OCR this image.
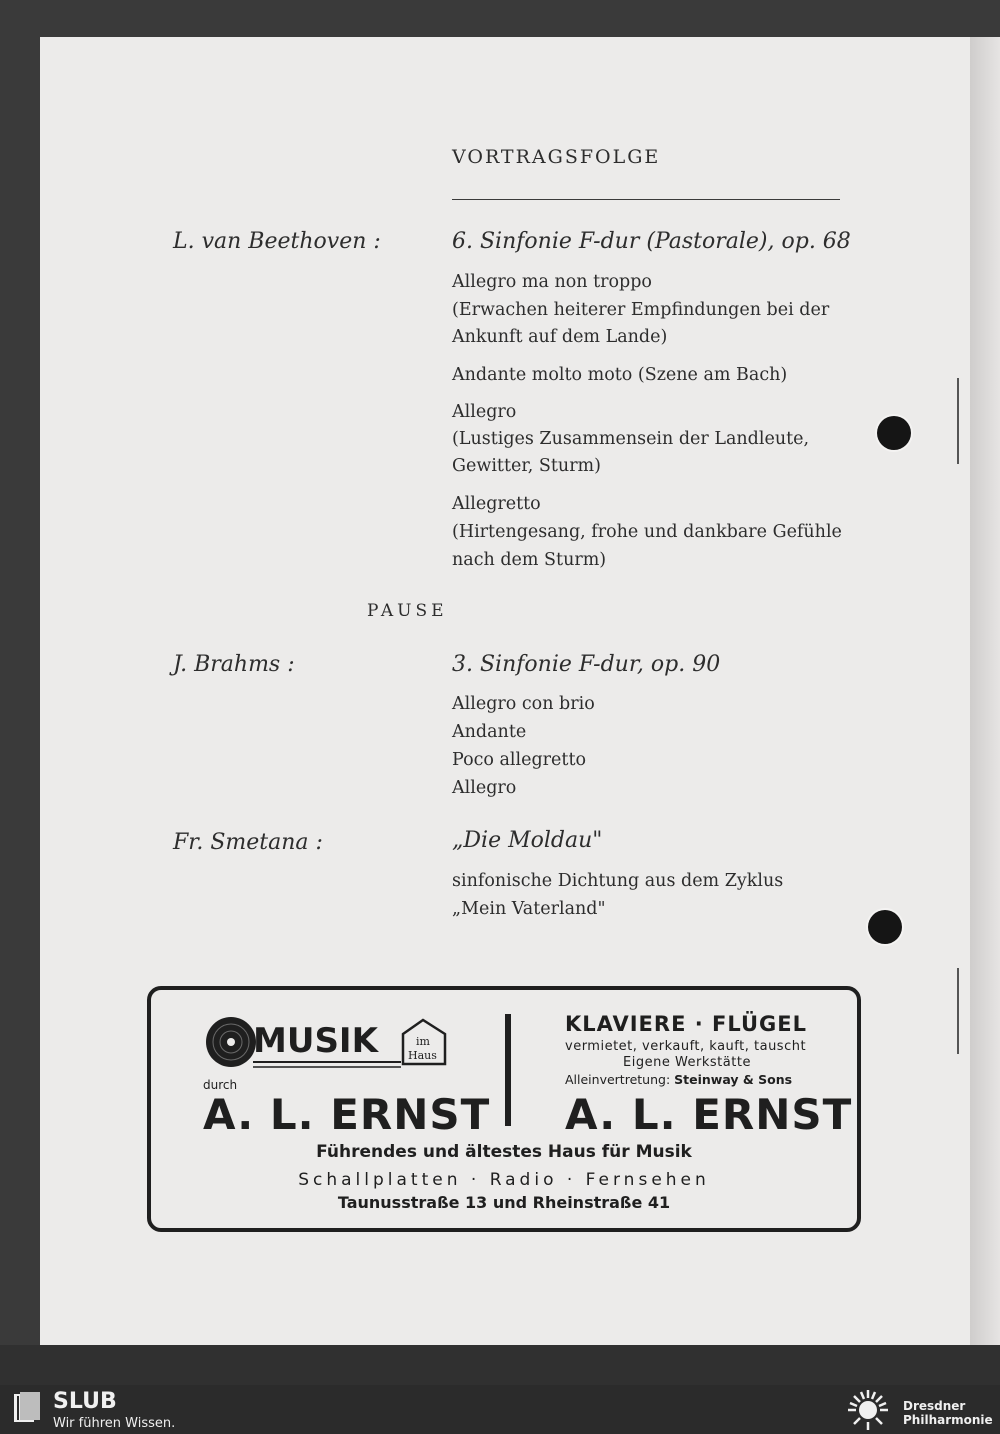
VORTRAGSFOLGE
L. van Beethoven :	6. Sinfonie F-dur (Pastorale), op. 68
Allegro ma non troppo
(Erwachen heiterer Empfindungen bei der
Ankunft auf dem Lande)
Andante molto moto (Szene am Bach)
Allegro
(Lustiges Zusammensein der Landleute,
Gewitter, Sturm)
Allegretto
(Hirtengesang, frohe und dankbare Gefühle
nach dem Sturm)
PAUSE
J. Brahms :	3. Sinfonie F-dur, op. 90
Allegro con brio
Andante
Poco allegretto
Allegro
Fr. Smetana :	„Die Moldau"
sinfonische Dichtung aus dem Zyklus
„Mein Vaterland"
MUSIK	im
Haus
durch
A. L. ERNST
KLAVIERE · FLÜGEL
vermietet, verkauft, kauft, tauscht
Eigene Werkstätte
Alleinvertretung: Steinway & Sons
A. L. ERNST
Führendes und ältestes Haus für Musik
Schallplatten · Radio · Fernsehen
Taunusstraße 13 und Rheinstraße 41
SLUB
Wir führen Wissen.
Dresdner
Philharmonie
